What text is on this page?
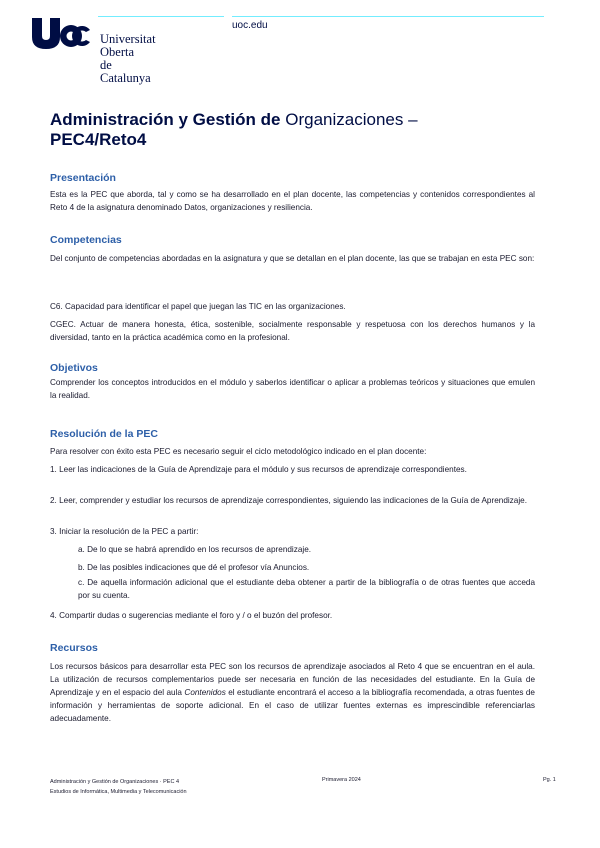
Universitat Oberta
de Catalunya
uoc.edu
Administración y Gestión de Organizaciones –
PEC4/Reto4
Presentación
Esta es la PEC que aborda, tal y como se ha desarrollado en el plan docente, las competencias y contenidos correspondientes al Reto 4 de la asignatura denominado Datos, organizaciones y resiliencia.
Competencias
Del conjunto de competencias abordadas en la asignatura y que se detallan en el plan docente, las que se trabajan en esta PEC son:
C6. Capacidad para identificar el papel que juegan las TIC en las organizaciones.
CGEC. Actuar de manera honesta, ética, sostenible, socialmente responsable y respetuosa con los derechos humanos y la diversidad, tanto en la práctica académica como en la profesional.
Objetivos
Comprender los conceptos introducidos en el módulo y saberlos identificar o aplicar a problemas teóricos y situaciones que emulen la realidad.
Resolución de la PEC
Para resolver con éxito esta PEC es necesario seguir el ciclo metodológico indicado en el plan docente:
1. Leer las indicaciones de la Guía de Aprendizaje para el módulo y sus recursos de aprendizaje correspondientes.
2. Leer, comprender y estudiar los recursos de aprendizaje correspondientes, siguiendo las indicaciones de la Guía de Aprendizaje.
3. Iniciar la resolución de la PEC a partir:
a. De lo que se habrá aprendido en los recursos de aprendizaje.
b. De las posibles indicaciones que dé el profesor vía Anuncios.
c. De aquella información adicional que el estudiante deba obtener a partir de la bibliografía o de otras fuentes que acceda por su cuenta.
4. Compartir dudas o sugerencias mediante el foro y / o el buzón del profesor.
Recursos
Los recursos básicos para desarrollar esta PEC son los recursos de aprendizaje asociados al Reto 4 que se encuentran en el aula. La utilización de recursos complementarios puede ser necesaria en función de las necesidades del estudiante. En la Guía de Aprendizaje y en el espacio del aula Contenidos el estudiante encontrará el acceso a la bibliografía recomendada, a otras fuentes de información y herramientas de soporte adicional. En el caso de utilizar fuentes externas es imprescindible referenciarlas adecuadamente.
Administración y Gestión de Organizaciones · PEC 4
Estudios de Informática, Multimedia y Telecomunicación
Primavera 2024	Pg. 1
